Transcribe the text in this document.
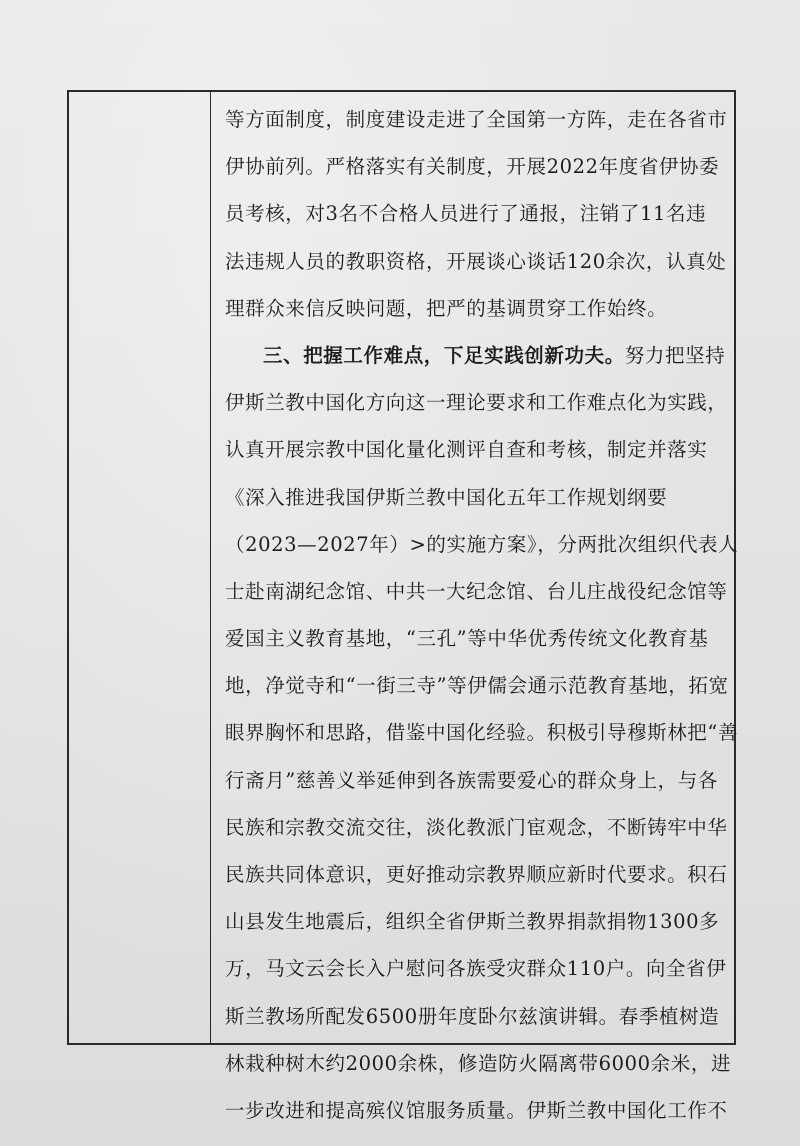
等方面制度，制度建设走进了全国第一方阵，走在各省市
伊协前列。严格落实有关制度，开展2022年度省伊协委
员考核，对3名不合格人员进行了通报，注销了11名违
法违规人员的教职资格，开展谈心谈话120余次，认真处
理群众来信反映问题，把严的基调贯穿工作始终。
三、把握工作难点，下足实践创新功夫。努力把坚持
伊斯兰教中国化方向这一理论要求和工作难点化为实践，
认真开展宗教中国化量化测评自查和考核，制定并落实
《深入推进我国伊斯兰教中国化五年工作规划纲要
（2023—2027年）>的实施方案》，分两批次组织代表人
士赴南湖纪念馆、中共一大纪念馆、台儿庄战役纪念馆等
爱国主义教育基地，“三孔”等中华优秀传统文化教育基
地，净觉寺和“一街三寺”等伊儒会通示范教育基地，拓宽
眼界胸怀和思路，借鉴中国化经验。积极引导穆斯林把“善
行斋月”慈善义举延伸到各族需要爱心的群众身上，与各
民族和宗教交流交往，淡化教派门宦观念，不断铸牢中华
民族共同体意识，更好推动宗教界顺应新时代要求。积石
山县发生地震后，组织全省伊斯兰教界捐款捐物1300多
万，马文云会长入户慰问各族受灾群众110户。向全省伊
斯兰教场所配发6500册年度卧尔兹演讲辑。春季植树造
林栽种树木约2000余株，修造防火隔离带6000余米，进
一步改进和提高殡仪馆服务质量。伊斯兰教中国化工作不
